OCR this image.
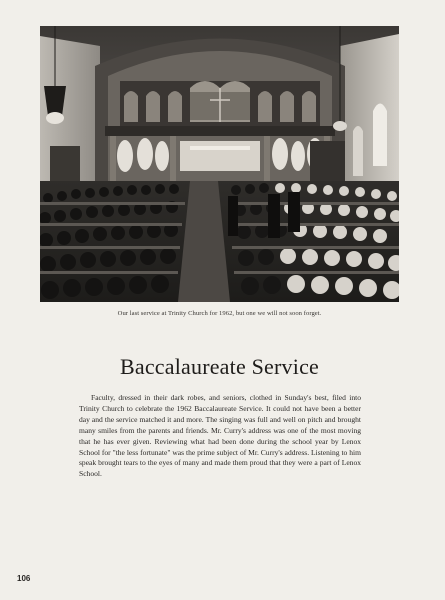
Our last service at Trinity Church for 1962, but one we will not soon forget.
Baccalaureate Service

Faculty, dressed in their dark robes, and seniors, clothed in Sunday's best, filed into Trinity Church to celebrate the 1962 Baccalaureate Service. It could not have been a better day and the service matched it and more. The singing was full and well on pitch and brought many smiles from the parents and friends. Mr. Curry's address was one of the most moving that he has ever given. Reviewing what had been done during the school year by Lenox School for "the less fortunate" was the prime subject of Mr. Curry's address. Listening to him speak brought tears to the eyes of many and made them proud that they were a part of Lenox School.

106
